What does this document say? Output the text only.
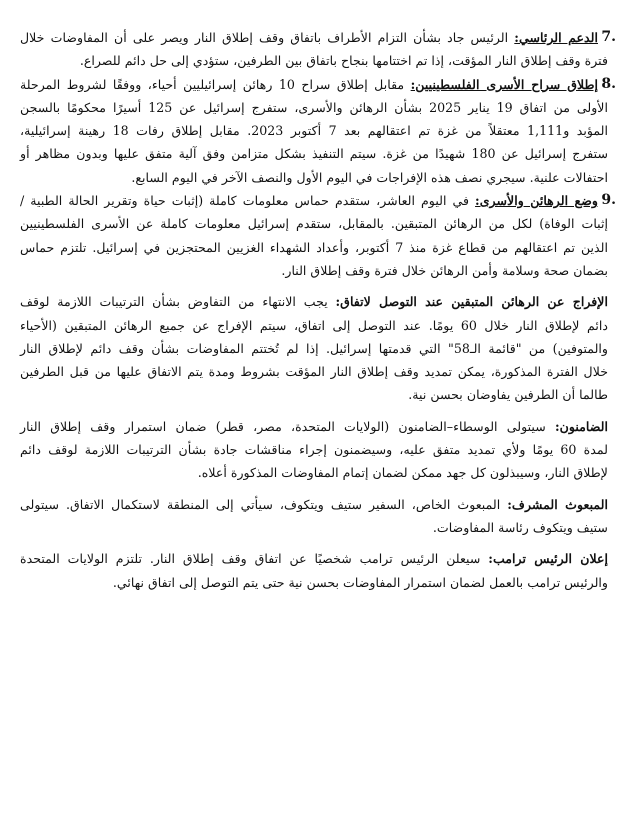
7.
الدعم الرئاسي: الرئيس جاد بشأن التزام الأطراف باتفاق وقف إطلاق النار ويصر على أن المفاوضات خلال
فترة وقف إطلاق النار المؤقت، إذا تم اختتامها بنجاح باتفاق بين الطرفين، ستؤدي إلى حل دائم للصراع.
8.
إطلاق سراح الأسرى الفلسطينيين: مقابل إطلاق سراح 10 رهائن إسرائيليين أحياء، ووفقًا لشروط المرحلة
الأولى من اتفاق 19 يناير 2025 بشأن الرهائن والأسرى، ستفرج إسرائيل عن 125 أسيرًا محكومًا بالسجن
المؤبد و1,111 معتقلاً من غزة تم اعتقالهم بعد 7 أكتوبر 2023. مقابل إطلاق رفات 18 رهينة إسرائيلية،
ستفرج إسرائيل عن 180 شهيدًا من غزة. سيتم التنفيذ بشكل متزامن وفق آلية متفق عليها وبدون مظاهر أو
احتفالات علنية. سيجري نصف هذه الإفراجات في اليوم الأول والنصف الآخر في اليوم السابع.
9.
وضع الرهائن والأسرى: في اليوم العاشر، ستقدم حماس معلومات كاملة (إثبات حياة وتقرير الحالة الطبية /
إثبات الوفاة) لكل من الرهائن المتبقين. بالمقابل، ستقدم إسرائيل معلومات كاملة عن الأسرى الفلسطينيين
الذين تم اعتقالهم من قطاع غزة منذ 7 أكتوبر، وأعداد الشهداء الغزيين المحتجزين في إسرائيل. تلتزم حماس
بضمان صحة وسلامة وأمن الرهائن خلال فترة وقف إطلاق النار.
الإفراج عن الرهائن المتبقين عند التوصل لاتفاق: يجب الانتهاء من التفاوض بشأن الترتيبات اللازمة لوقف
دائم لإطلاق النار خلال 60 يومًا. عند التوصل إلى اتفاق، سيتم الإفراج عن جميع الرهائن المتبقين (الأحياء
والمتوفين) من "قائمة الـ58" التي قدمتها إسرائيل. إذا لم تُختتم المفاوضات بشأن وقف دائم لإطلاق النار
خلال الفترة المذكورة، يمكن تمديد وقف إطلاق النار المؤقت بشروط ومدة يتم الاتفاق عليها من قبل الطرفين
طالما أن الطرفين يفاوضان بحسن نية.
الضامنون: سيتولى الوسطاء–الضامنون (الولايات المتحدة، مصر، قطر) ضمان استمرار وقف إطلاق النار
لمدة 60 يومًا ولأي تمديد متفق عليه، وسيضمنون إجراء مناقشات جادة بشأن الترتيبات اللازمة لوقف دائم
لإطلاق النار، وسيبذلون كل جهد ممكن لضمان إتمام المفاوضات المذكورة أعلاه.
المبعوث المشرف: المبعوث الخاص، السفير ستيف ويتكوف، سيأتي إلى المنطقة لاستكمال الاتفاق. سيتولى
ستيف ويتكوف رئاسة المفاوضات.
إعلان الرئيس ترامب: سيعلن الرئيس ترامب شخصيًا عن اتفاق وقف إطلاق النار. تلتزم الولايات المتحدة
والرئيس ترامب بالعمل لضمان استمرار المفاوضات بحسن نية حتى يتم التوصل إلى اتفاق نهائي.
